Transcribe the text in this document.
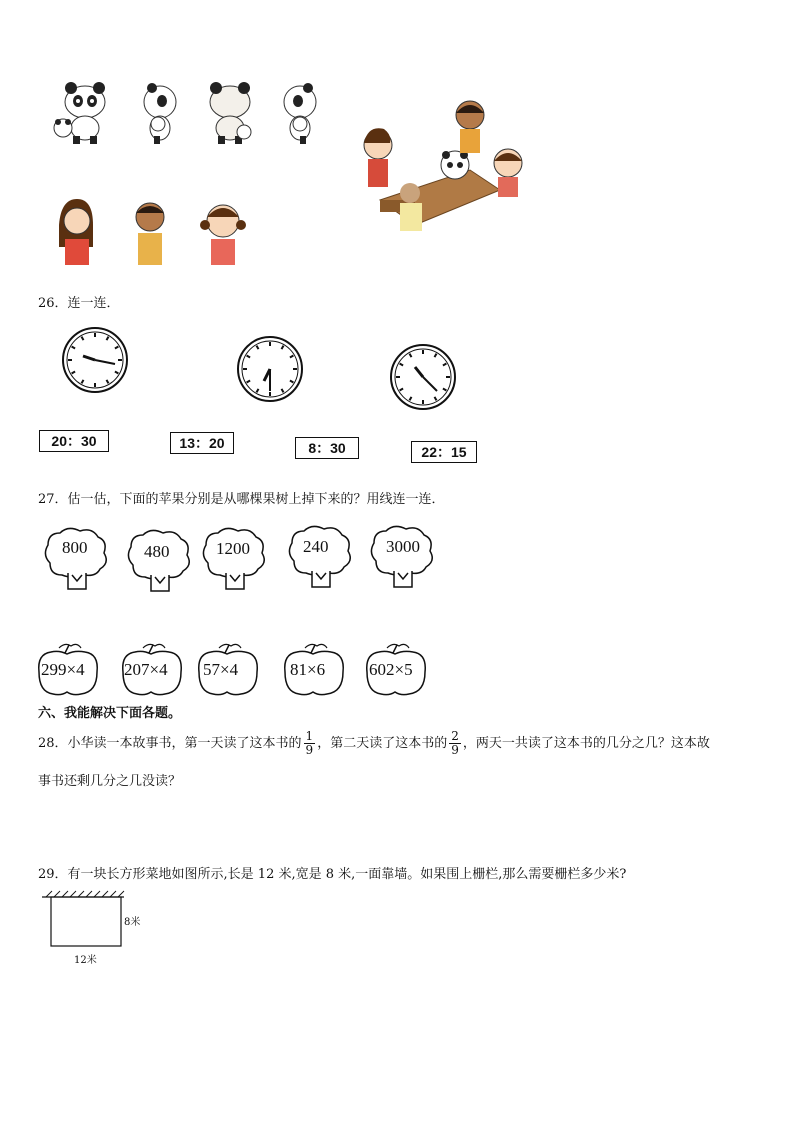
26．连一连．
20：30	13：20	8：30	22：15
27．估一估，下面的苹果分别是从哪棵果树上掉下来的？用线连一连．
800	480	1200	240	3000
299×4 207×4 57×4	81×6	602×5
六、我能解决下面各题。
28．小华读一本故事书，第一天读了这本书的 $\frac{1}{9}$ ，第二天读了这本书的 $\frac{2}{9}$ ，两天一共读了这本书的几分之几？这本故
事书还剩几分之几没读？
29．有一块长方形菜地如图所示,长是 12 米,宽是 8 米,一面靠墙。如果围上栅栏,那么需要栅栏多少米?
8米
12米
